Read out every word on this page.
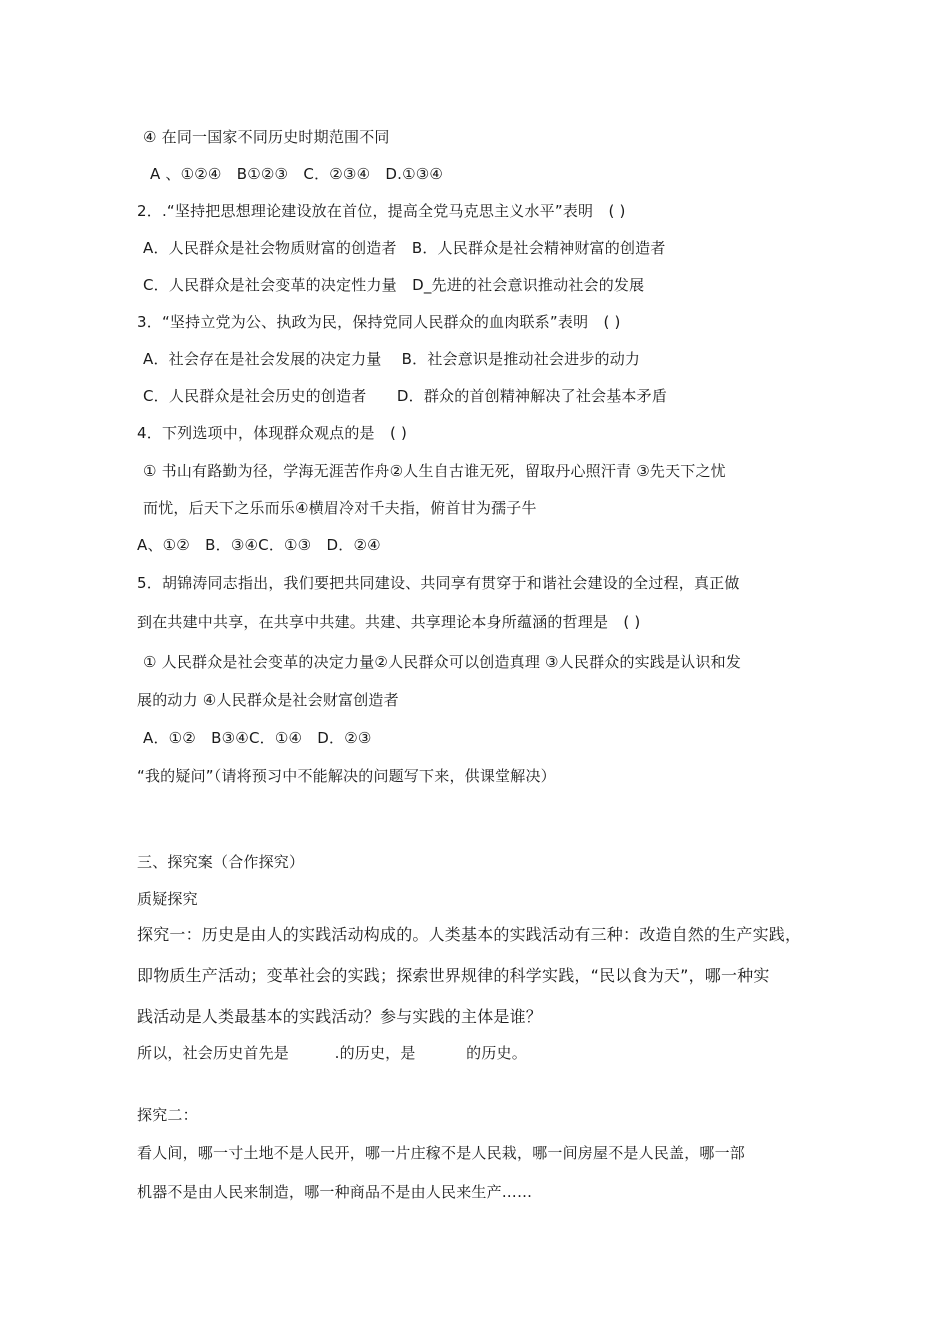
④ 在同一国家不同历史时期范围不同
A 、①②④　B①②③　C．②③④　D.①③④
2．.“坚持把思想理论建设放在首位，提高全党马克思主义水平”表明　( )
A．人民群众是社会物质财富的创造者　B．人民群众是社会精神财富的创造者
C．人民群众是社会变革的决定性力量　D_先进的社会意识推动社会的发展
3．“坚持立党为公、执政为民，保持党同人民群众的血肉联系”表明　( )
A．社会存在是社会发展的决定力量　 B．社会意识是推动社会进步的动力
C．人民群众是社会历史的创造者　　D．群众的首创精神解决了社会基本矛盾
4．下列选项中，体现群众观点的是　( )
① 书山有路勤为径，学海无涯苦作舟②人生自古谁无死，留取丹心照汗青 ③先天下之忧
而忧，后天下之乐而乐④横眉冷对千夫指，俯首甘为孺子牛
A、①②　B．③④C．①③　D．②④
5．胡锦涛同志指出，我们要把共同建设、共同享有贯穿于和谐社会建设的全过程，真正做
到在共建中共享，在共享中共建。共建、共享理论本身所蕴涵的哲理是　( )
① 人民群众是社会变革的决定力量②人民群众可以创造真理 ③人民群众的实践是认识和发
展的动力 ④人民群众是社会财富创造者
A．①②　B③④C．①④　D．②③
“我的疑问”（请将预习中不能解决的问题写下来，供课堂解决）
三、探究案（合作探究）
质疑探究
探究一：历史是由人的实践活动构成的。人类基本的实践活动有三种：改造自然的生产实践，
即物质生产活动；变革社会的实践；探索世界规律的科学实践，“民以食为天”，哪一种实
践活动是人类最基本的实践活动？参与实践的主体是谁？
所以，社会历史首先是　　　.的历史，是　　　 的历史。
探究二：
看人间，哪一寸土地不是人民开，哪一片庄稼不是人民栽，哪一间房屋不是人民盖，哪一部
机器不是由人民来制造，哪一种商品不是由人民来生产……
